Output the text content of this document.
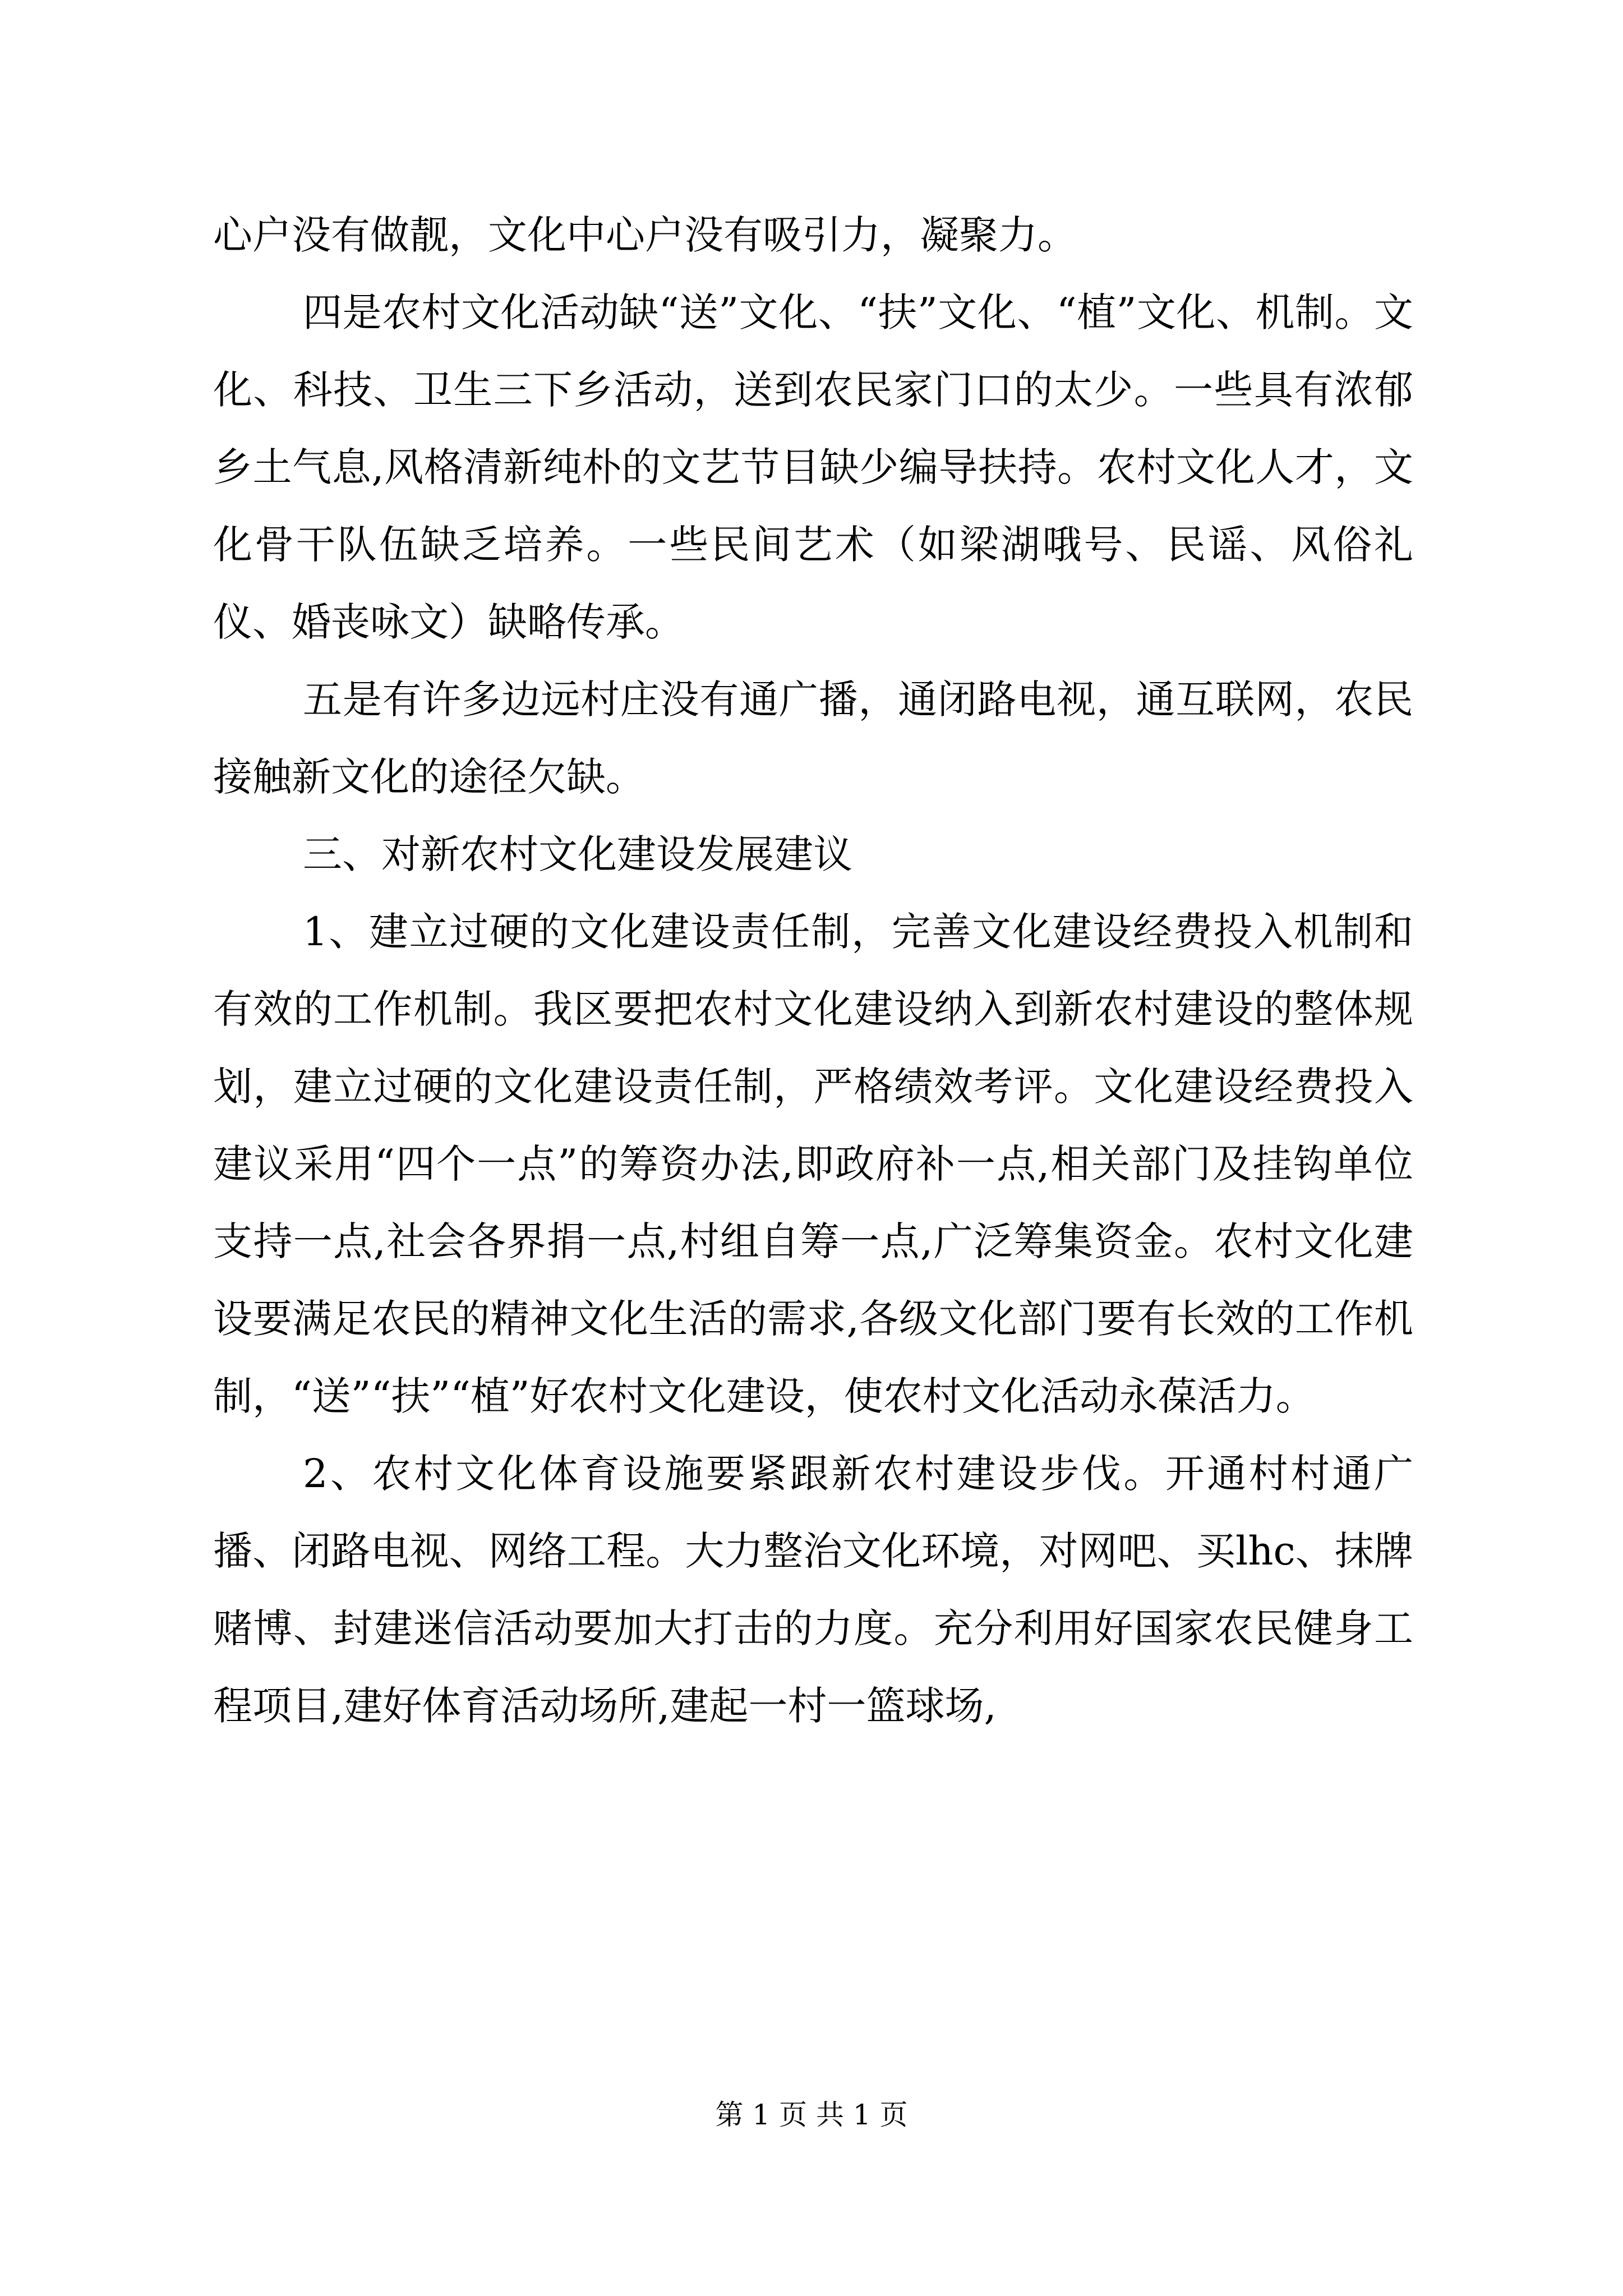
心户没有做靓，文化中心户没有吸引力，凝聚力。

四是农村文化活动缺“送”文化、“扶”文化、“植”文化、机制。文化、科技、卫生三下乡活动，送到农民家门口的太少。一些具有浓郁乡土气息,风格清新纯朴的文艺节目缺少编导扶持。农村文化人才，文化骨干队伍缺乏培养。一些民间艺术（如梁湖哦号、民谣、风俗礼仪、婚丧咏文）缺略传承。

五是有许多边远村庄没有通广播，通闭路电视，通互联网，农民接触新文化的途径欠缺。

三、对新农村文化建设发展建议

1、建立过硬的文化建设责任制，完善文化建设经费投入机制和有效的工作机制。我区要把农村文化建设纳入到新农村建设的整体规划，建立过硬的文化建设责任制，严格绩效考评。文化建设经费投入建议采用“四个一点”的筹资办法,即政府补一点,相关部门及挂钩单位支持一点,社会各界捐一点,村组自筹一点,广泛筹集资金。农村文化建设要满足农民的精神文化生活的需求,各级文化部门要有长效的工作机制，“送”“扶”“植”好农村文化建设，使农村文化活动永葆活力。

2、农村文化体育设施要紧跟新农村建设步伐。开通村村通广播、闭路电视、网络工程。大力整治文化环境，对网吧、买lhc、抹牌赌博、封建迷信活动要加大打击的力度。充分利用好国家农民健身工程项目,建好体育活动场所,建起一村一篮球场,

第 1 页 共 1 页
